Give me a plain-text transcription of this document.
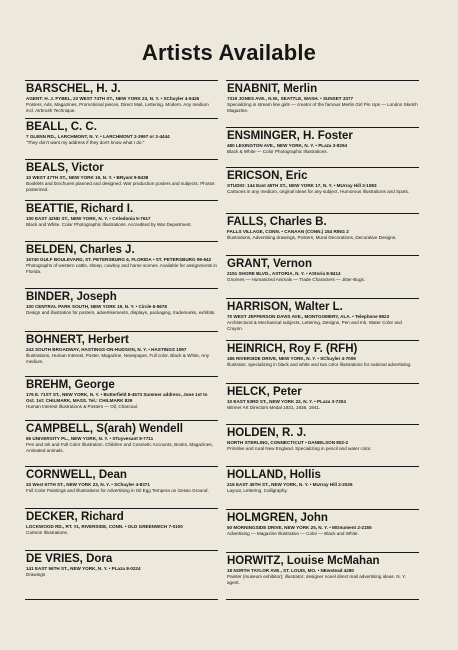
Artists Available
BARSCHEL, H. J.
AGENT: H. J. FYBEL, 23 WEST 74TH ST., NEW YORK 23, N. Y. • SChuyler 4-6426
Posters, Ads, Magazines, Promotional pieces, Direct Mail, Lettering. Modern. Any medium incl. Airbrush Technique.
BEALL, C. C.
7 GLENN RD., LARCHMONT, N. Y. • LARCHMONT 2-3997 or 2-4444
"They don't want my address if they don't know what I do."
BEALS, Victor
10 WEST 47TH ST., NEW YORK 19, N. Y. • BRyant 9-8438
Booklets and brochures planned and designed. War production posters and subjects. Photos posterized.
BEATTIE, Richard I.
100 EAST 42ND ST., NEW YORK, N. Y. • CAledonia 5-7617
Black and White. Color Photographic Illustrations. Accredited by War Department.
BELDEN, Charles J.
16740 GULF BOULEVARD, ST. PETERSBURG 6, FLORIDA • ST. PETERSBURG 99-942
Photographs of western cattle, sheep, cowboy and horse scenes. Available for assignments in Florida.
BINDER, Joseph
100 CENTRAL PARK SOUTH, NEW YORK 19, N. Y. • Circle 6-5678
Design and illustration for posters, advertisements, displays, packaging, trademarks, exhibits.
BOHNERT, Herbert
243 SOUTH BROADWAY, HASTINGS-ON-HUDSON, N. Y. • HASTINGS 1097
Illustrations, Human Interest, Poster, Magazine, Newspaper, Full color, Black & White, Any medium.
BREHM, George
176 E. 71ST ST., NEW YORK, N. Y. • Butterfield 8-4673 Summer address, June 1st to Oct. 1st: CHILMARK, MASS. Tel.: CHILMARK 829
Human Interest Illustrations & Posters — Oil, Charcoal.
CAMPBELL, S(arah) Wendell
65 UNIVERSITY PL., NEW YORK, N. Y. • STuyvesant 9-7711
Pen and Ink and Full Color Illustration. Children and Cosmetic Accounts, Books, Magazines, Animated animals.
CORNWELL, Dean
33 West 67TH ST., NEW YORK 23, N. Y. • SChuyler 4-8371
Full Color Paintings and Illustrations for Advertising in Oil Egg Tempera on Gesso Ground.
DECKER, Richard
LOCKWOOD RD., RT. #1, RIVERSIDE, CONN. • OLD GREENWICH 7-0100
Cartoon Illustrations.
DE VRIES, Dora
141 EAST 56TH ST., NEW YORK, N. Y. • PLaza 8-0224
Drawings
ENABNIT, Merlin
7319 JONES AVE., N.W., SEATTLE, WASH. • SUNSET 3377
Specializing in stream line girls — creator of the famous Merlin Girl Pin Ups — London Sketch Magazine.
ENSMINGER, H. Foster
480 LEXINGTON AVE., NEW YORK, N. Y. • PLaza 3-8294
Black & White — Color Photographic Illustrations.
ERICSON, Eric
STUDIO: 144 East 45TH ST., NEW YORK 17, N. Y. • MUrray Hill 2-1583
Cartoons in any medium, original ideas for any subject, Humorous Illustrations and Spots.
FALLS, Charles B.
FALLS VILLAGE, CONN. • CANAAN (CONN.) 154 RING 2
Illustrations, Advertising drawings, Posters, Mural Decorations, Decorative Designs.
GRANT, Vernon
2151 SHORE BLVD., ASTORIA, N. Y. • AStoria 8-8414
Gnomes — Humanized Animals — Trade Characters — Jitter-Bugs.
HARRISON, Walter L.
70 WEST JEFFERSON DAVIS AVE., MONTGOMERY, ALA. • Telephone 8923
Architectural & Mechanical subjects, Lettering, Designs, Pen and Ink, Water Color and Crayon.
HEINRICH, Roy F. (RFH)
186 RIVERSIDE DRIVE, NEW YORK, N. Y. • SChuyler 4-7009
Illustrator, specializing in black and white and two color illustrations for national advertising.
HELCK, Peter
10 EAST 53RD ST., NEW YORK 22, N. Y. • PLaza 3-7204
Winner Art Directors Medal 1931, 1936, 1941.
HOLDEN, R. J.
NORTH STERLING, CONNECTICUT • DANIELSON 802-2
Primitive and rural New England. Specializing in pencil and water color.
HOLLAND, Hollis
216 EAST 45TH ST., NEW YORK, N. Y. • MUrray Hill 2-2026
Layout, Lettering, Calligraphy.
HOLMGREN, John
50 MORNINGSIDE DRIVE, NEW YORK 25, N. Y. • MOnument 2-2155
Advertising — Magazine Illustration — Color — Black and White.
HORWITZ, Louise McMahan
18 NORTH TAYLOR AVE., ST. LOUIS, MO. • NEwstead 4280
Painter (museum exhibitor); illustrator; designer novel direct mail advertising ideas. N. Y. agent.
